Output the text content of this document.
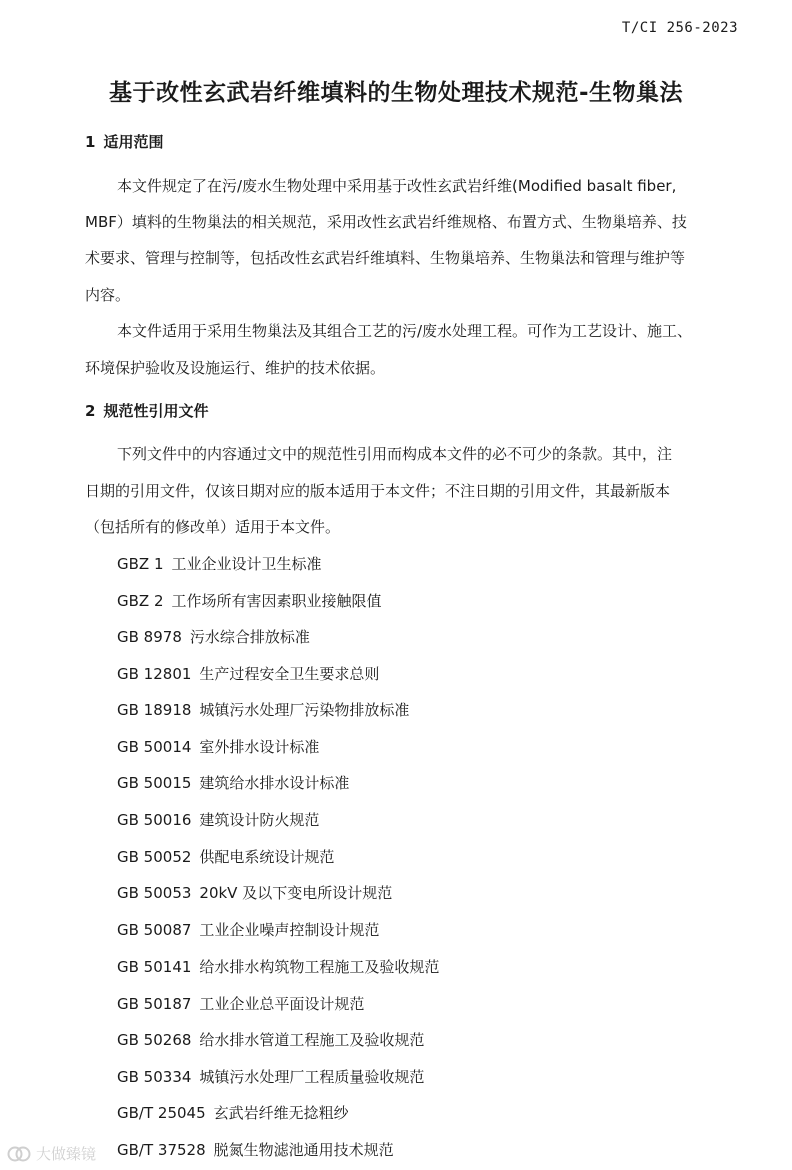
T/CI 256-2023
基于改性玄武岩纤维填料的生物处理技术规范-生物巢法
1 适用范围
本文件规定了在污/废水生物处理中采用基于改性玄武岩纤维(Modified basalt fiber,
MBF）填料的生物巢法的相关规范，采用改性玄武岩纤维规格、布置方式、生物巢培养、技
术要求、管理与控制等，包括改性玄武岩纤维填料、生物巢培养、生物巢法和管理与维护等
内容。
本文件适用于采用生物巢法及其组合工艺的污/废水处理工程。可作为工艺设计、施工、
环境保护验收及设施运行、维护的技术依据。
2 规范性引用文件
下列文件中的内容通过文中的规范性引用而构成本文件的必不可少的条款。其中，注
日期的引用文件，仅该日期对应的版本适用于本文件；不注日期的引用文件，其最新版本
（包括所有的修改单）适用于本文件。
GBZ 1 工业企业设计卫生标准
GBZ 2 工作场所有害因素职业接触限值
GB 8978 污水综合排放标准
GB 12801 生产过程安全卫生要求总则
GB 18918 城镇污水处理厂污染物排放标准
GB 50014 室外排水设计标准
GB 50015 建筑给水排水设计标准
GB 50016 建筑设计防火规范
GB 50052 供配电系统设计规范
GB 50053 20kV 及以下变电所设计规范
GB 50087 工业企业噪声控制设计规范
GB 50141 给水排水构筑物工程施工及验收规范
GB 50187 工业企业总平面设计规范
GB 50268 给水排水管道工程施工及验收规范
GB 50334 城镇污水处理厂工程质量验收规范
GB/T 25045 玄武岩纤维无捻粗纱
GB/T 37528 脱氮生物滤池通用技术规范
大做臻镜
